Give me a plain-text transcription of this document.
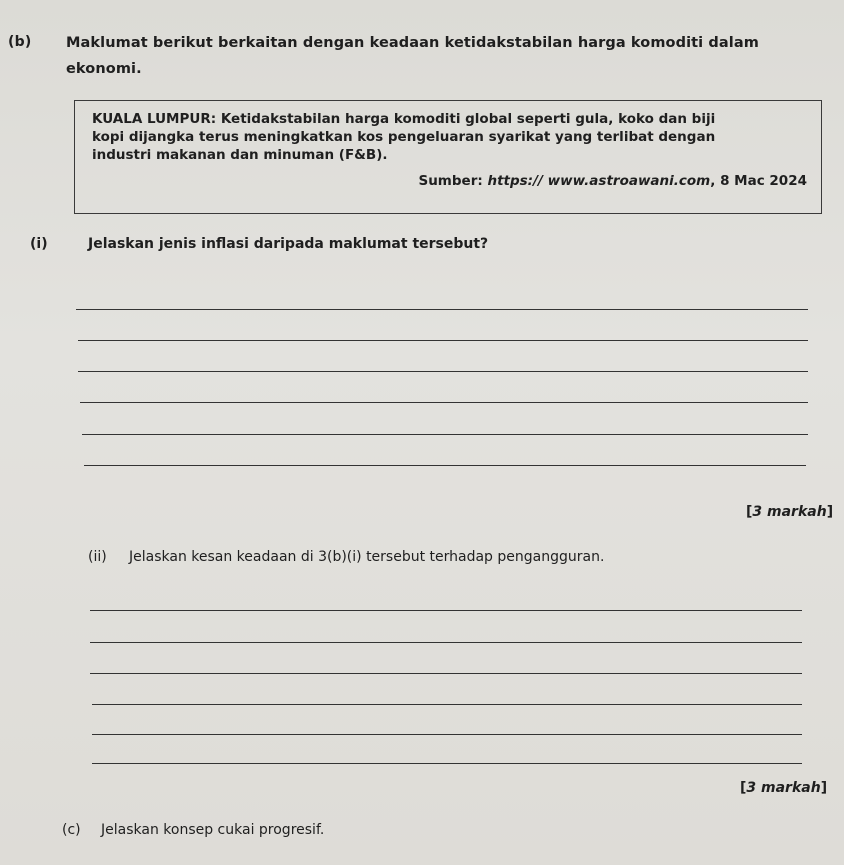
(b) Maklumat berikut berkaitan dengan keadaan ketidakstabilan harga komoditi dalam
ekonomi.
KUALA LUMPUR: Ketidakstabilan harga komoditi global seperti gula, koko dan biji
kopi dijangka terus meningkatkan kos pengeluaran syarikat yang terlibat dengan
industri makanan dan minuman (F&B).
Sumber: https:// www.astroawani.com, 8 Mac 2024
(i)	Jelaskan jenis inflasi daripada maklumat tersebut?
[3 markah]
(ii) Jelaskan kesan keadaan di 3(b)(i) tersebut terhadap pengangguran.
[3 markah]
(c) Jelaskan konsep cukai progresif.
